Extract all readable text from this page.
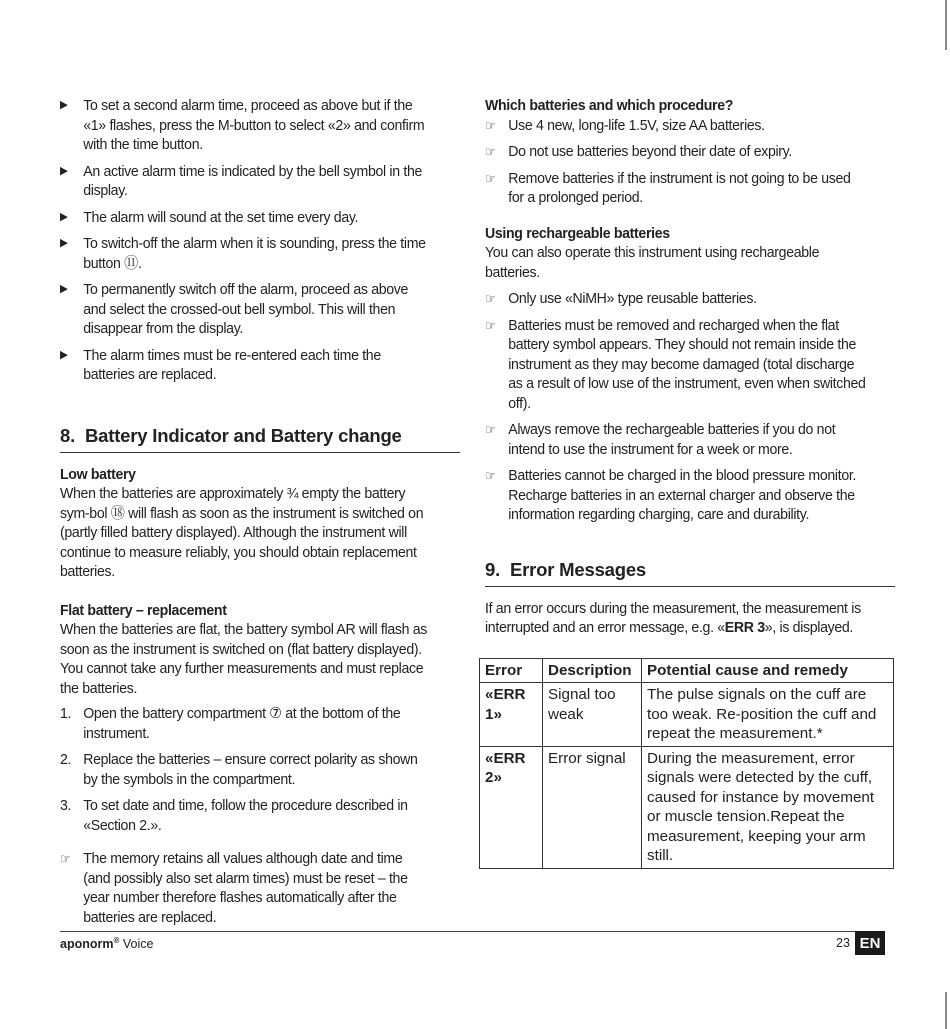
▶ To set a second alarm time, proceed as above but if the «1» flashes, press the M-button to select «2» and confirm with the time button.
▶ An active alarm time is indicated by the bell symbol in the display.
▶ The alarm will sound at the set time every day.
▶ To switch-off the alarm when it is sounding, press the time button ⑪.
▶ To permanently switch off the alarm, proceed as above and select the crossed-out bell symbol. This will then disappear from the display.
▶ The alarm times must be re-entered each time the batteries are replaced.
8. Battery Indicator and Battery change
Low battery
When the batteries are approximately ¾ empty the battery sym-bol ⑱ will flash as soon as the instrument is switched on (partly filled battery displayed). Although the instrument will continue to measure reliably, you should obtain replacement batteries.
Flat battery – replacement
When the batteries are flat, the battery symbol AR will flash as soon as the instrument is switched on (flat battery displayed). You cannot take any further measurements and must replace the batteries.
1. Open the battery compartment ⑦ at the bottom of the instrument.
2. Replace the batteries – ensure correct polarity as shown by the symbols in the compartment.
3. To set date and time, follow the procedure described in «Section 2.».
☞ The memory retains all values although date and time (and possibly also set alarm times) must be reset – the year number therefore flashes automatically after the batteries are replaced.
Which batteries and which procedure?
☞ Use 4 new, long-life 1.5V, size AA batteries.
☞ Do not use batteries beyond their date of expiry.
☞ Remove batteries if the instrument is not going to be used for a prolonged period.
Using rechargeable batteries
You can also operate this instrument using rechargeable batteries.
☞ Only use «NiMH» type reusable batteries.
☞ Batteries must be removed and recharged when the flat battery symbol appears. They should not remain inside the instrument as they may become damaged (total discharge as a result of low use of the instrument, even when switched off).
☞ Always remove the rechargeable batteries if you do not intend to use the instrument for a week or more.
☞ Batteries cannot be charged in the blood pressure monitor. Recharge batteries in an external charger and observe the information regarding charging, care and durability.
9. Error Messages
If an error occurs during the measurement, the measurement is interrupted and an error message, e.g. «ERR 3», is displayed.
Error	Description	Potential cause and remedy
«ERR 1»	Signal too weak	The pulse signals on the cuff are too weak. Re-position the cuff and repeat the measurement.*
«ERR 2»	Error signal	During the measurement, error signals were detected by the cuff, caused for instance by movement or muscle tension.Repeat the measurement, keeping your arm still.
aponorm® Voice	23 EN
